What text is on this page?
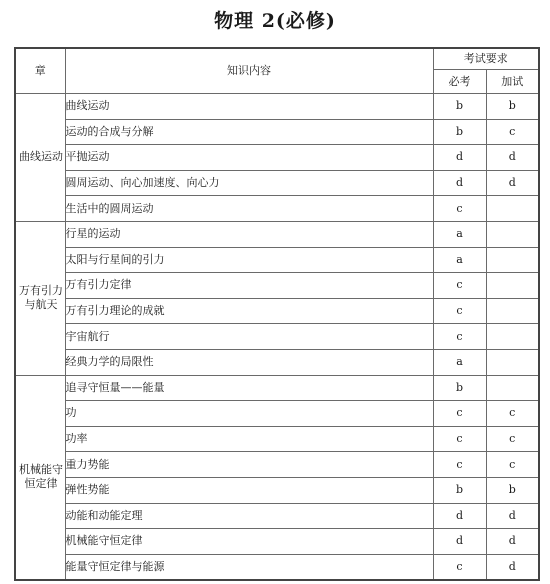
物理 2(必修)
章	知识内容	考试要求	
		必考	加试
曲线运动	曲线运动	b	b
	运动的合成与分解	b	c
	平抛运动	d	d
	圆周运动、向心加速度、向心力	d	d
	生活中的圆周运动	c	
万有引力与航天	行星的运动	a	
	太阳与行星间的引力	a	
	万有引力定律	c	
	万有引力理论的成就	c	
	宇宙航行	c	
	经典力学的局限性	a	
机械能守恒定律	追寻守恒量——能量	b	
	功	c	c
	功率	c	c
	重力势能	c	c
	弹性势能	b	b
	动能和动能定理	d	d
	机械能守恒定律	d	d
	能量守恒定律与能源	c	d
